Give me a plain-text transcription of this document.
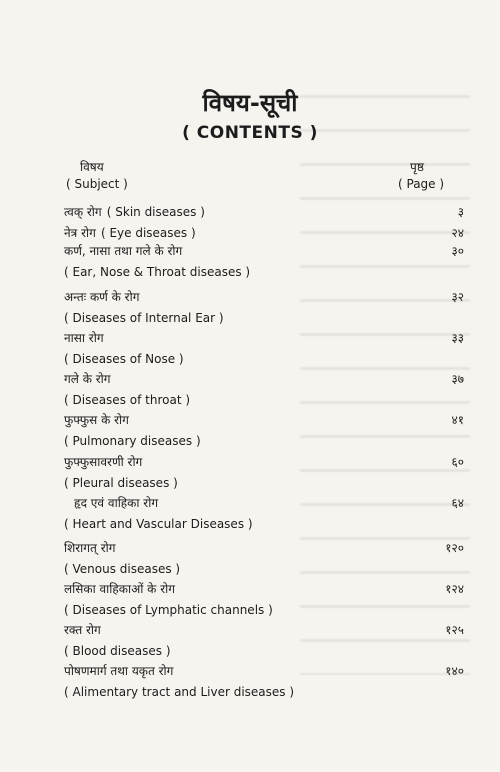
विषय-सूची
( CONTENTS )
विषय
( Subject )
पृष्ठ
( Page )
त्वक् रोग ( Skin diseases )	३
नेत्र रोग ( Eye diseases )	२४
कर्ण, नासा तथा गले के रोग	३०
( Ear, Nose & Throat diseases )
अन्तः कर्ण के रोग	३२
( Diseases of Internal Ear )
नासा रोग	३३
( Diseases of Nose )
गले के रोग	३७
( Diseases of throat )
फुफ्फुस के रोग	४१
( Pulmonary diseases )
फुफ्फुसावरणी रोग	६०
( Pleural diseases )
हृद एवं वाहिका रोग	६४
( Heart and Vascular Diseases )
शिरागत् रोग	१२०
( Venous diseases )
लसिका वाहिकाओं के रोग	१२४
( Diseases of Lymphatic channels )
रक्त रोग	१२५
( Blood diseases )
पोषणमार्ग तथा यकृत रोग	१४०
( Alimentary tract and Liver diseases )
